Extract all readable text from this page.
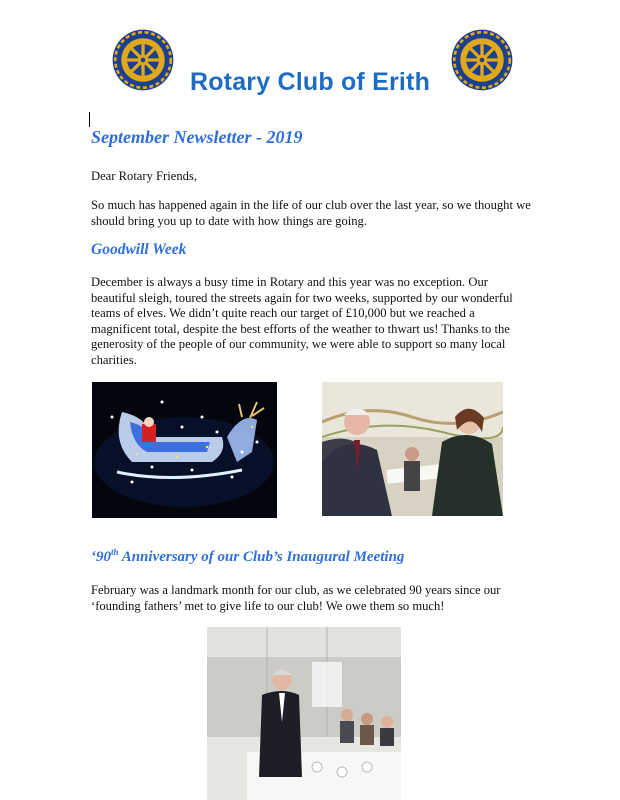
Rotary Club of Erith
September Newsletter - 2019
Dear Rotary Friends,
So much has happened again in the life of our club over the last year, so we thought we should bring you up to date with how things are going.
Goodwill Week
December is always a busy time in Rotary and this year was no exception. Our beautiful sleigh, toured the streets again for two weeks, supported by our wonderful teams of elves. We didn’t quite reach our target of £10,000 but we reached a magnificent total, despite the best efforts of the weather to thwart us! Thanks to the generosity of the people of our community, we were able to support so many local charities.
‘90th Anniversary of our Club’s Inaugural Meeting
February was a landmark month for our club, as we celebrated 90 years since our ‘founding fathers’ met to give life to our club! We owe them so much!
